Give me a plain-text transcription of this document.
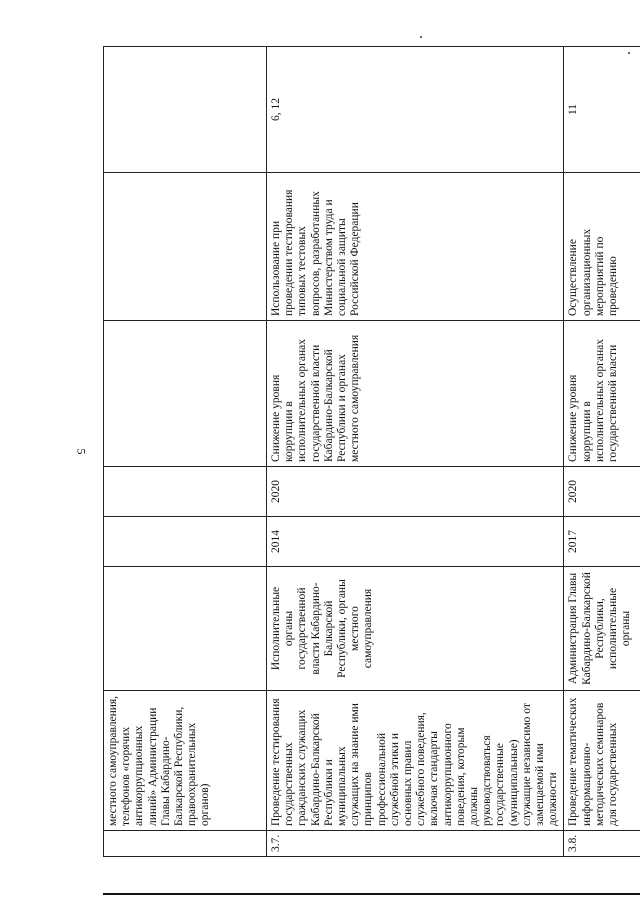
5
	местного самоуправления, телефонов «горячих антикоррупционных линий» Администрации Главы Кабардино-Балкарской Республики, правоохранительных органов)						
3.7.	Проведение тестирования государственных гражданских служащих Кабардино-Балкарской Республики и муниципальных служащих на знание ими принципов профессиональной служебной этики и основных правил служебного поведения, включая стандарты антикоррупционного поведения, которым должны руководствоваться государственные (муниципальные) служащие независимо от замещаемой ими должности	Исполнительные органы государственной власти Кабардино-Балкарской Республики, органы местного самоуправления	2014	2020	Снижение уровня коррупции в исполнительных органах государственной власти Кабардино-Балкарской Республики и органах местного самоуправления	Использование при проведении тестирования типовых тестовых вопросов, разработанных Министерством труда и социальной защиты Российской Федерации	6, 12
3.8.	Проведение тематических информационно-методических семинаров для государственных	Администрация Главы Кабардино-Балкарской Республики, исполнительные органы	2017	2020	Снижение уровня коррупции в исполнительных органах государственной власти	Осуществление организационных мероприятий по проведению	11
